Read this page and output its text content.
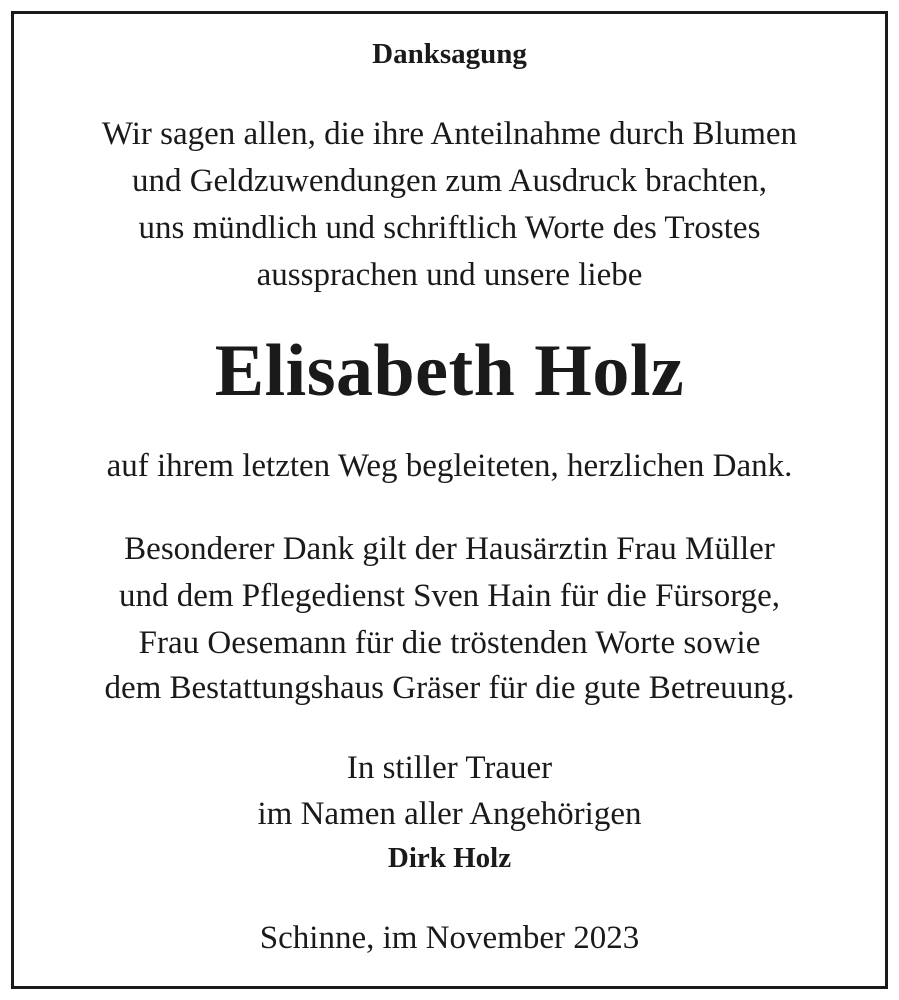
Danksagung

Wir sagen allen, die ihre Anteilnahme durch Blumen

und Geldzuwendungen zum Ausdruck brachten,

uns mündlich und schriftlich Worte des Trostes

aussprachen und unsere liebe

Elisabeth Holz

auf ihrem letzten Weg begleiteten, herzlichen Dank.

Besonderer Dank gilt der Hausärztin Frau Müller

und dem Pflegedienst Sven Hain für die Fürsorge,

Frau Oesemann für die tröstenden Worte sowie

dem Bestattungshaus Gräser für die gute Betreuung.

In stiller Trauer

im Namen aller Angehörigen

Dirk Holz

Schinne, im November 2023
